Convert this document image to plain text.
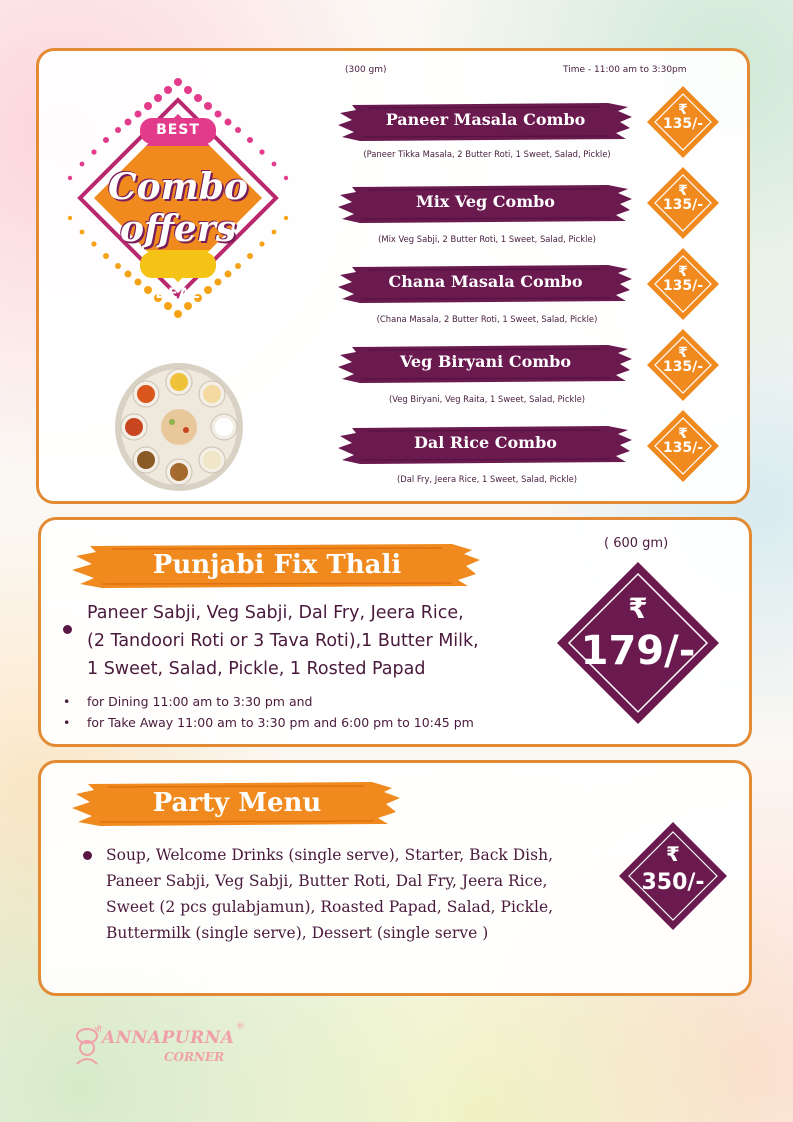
(300 gm)	Time - 11:00 am to 3:30pm
BEST
Combo
offers
DEAL
Paneer Masala Combo
(Paneer Tikka Masala, 2 Butter Roti, 1 Sweet, Salad, Pickle)
₹
135/-
Mix Veg Combo
(Mix Veg Sabji, 2 Butter Roti, 1 Sweet, Salad, Pickle)
₹
135/-
Chana Masala Combo
(Chana Masala, 2 Butter Roti, 1 Sweet, Salad, Pickle)
₹
135/-
Veg Biryani Combo
(Veg Biryani, Veg Raita, 1 Sweet, Salad, Pickle)
₹
135/-
Dal Rice Combo
(Dal Fry, Jeera Rice, 1 Sweet, Salad, Pickle)
₹
135/-
Punjabi Fix Thali
( 600 gm)
Paneer Sabji, Veg Sabji, Dal Fry, Jeera Rice,
(2 Tandoori Roti or 3 Tava Roti),1 Butter Milk,
1 Sweet, Salad, Pickle, 1 Rosted Papad
• for Dining 11:00 am to 3:30 pm and
• for Take Away 11:00 am to 3:30 pm and 6:00 pm to 10:45 pm
₹
179/-
Party Menu
Soup, Welcome Drinks (single serve), Starter, Back Dish,
Paneer Sabji, Veg Sabji, Butter Roti, Dal Fry, Jeera Rice,
Sweet (2 pcs gulabjamun), Roasted Papad, Salad, Pickle,
Buttermilk (single serve), Dessert (single serve )
₹
350/-
श्री ANNAPURNA
CORNER
®
